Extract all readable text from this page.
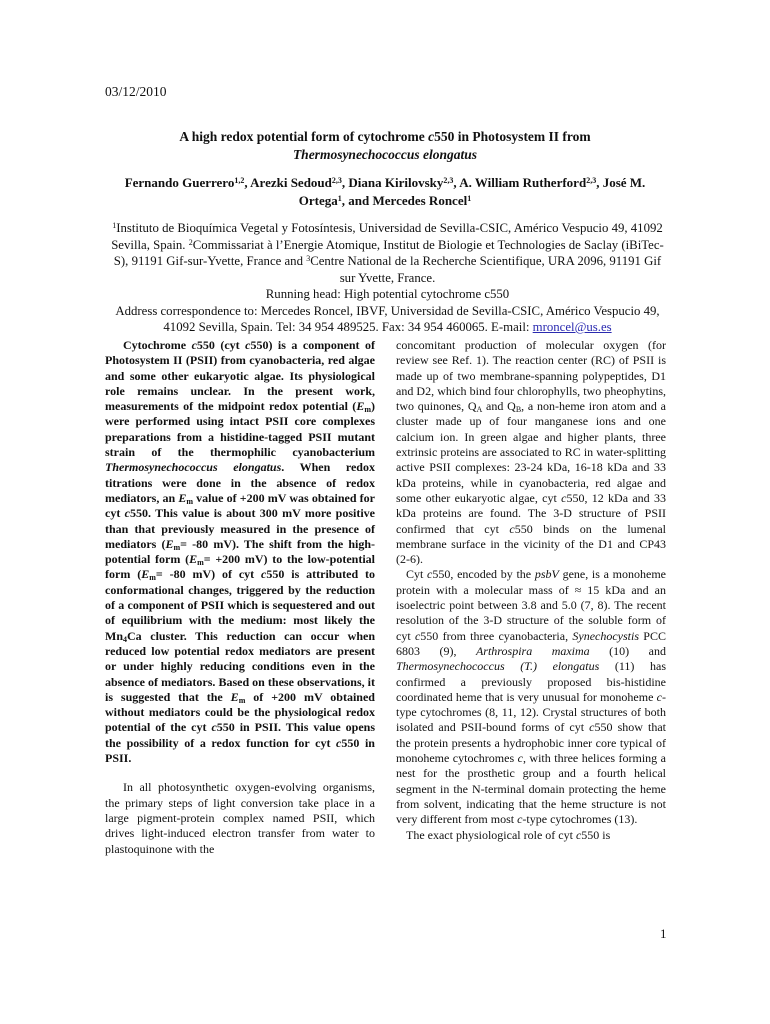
03/12/2010
A high redox potential form of cytochrome c550 in Photosystem II from
Thermosynechococcus elongatus
Fernando Guerrero$^{1,2}$, Arezki Sedoud$^{2,3}$, Diana Kirilovsky$^{2,3}$, A. William Rutherford$^{2,3}$, José M. Ortega$^1$, and Mercedes Roncel$^1$
$^1$Instituto de Bioquímica Vegetal y Fotosíntesis, Universidad de Sevilla-CSIC, Américo Vespucio 49, 41092 Sevilla, Spain. $^2$Commissariat à l’Energie Atomique, Institut de Biologie et Technologies de Saclay (iBiTec-S), 91191 Gif-sur-Yvette, France and $^3$Centre National de la Recherche Scientifique, URA 2096, 91191 Gif sur Yvette, France.
Running head: High potential cytochrome c550
Address correspondence to: Mercedes Roncel, IBVF, Universidad de Sevilla-CSIC, Américo Vespucio 49, 41092 Sevilla, Spain. Tel: 34 954 489525. Fax: 34 954 460065. E-mail: mroncel@us.es

Cytochrome c550 (cyt c550) is a component of Photosystem II (PSII) from cyanobacteria, red algae and some other eukaryotic algae. Its physiological role remains unclear. In the present work, measurements of the midpoint redox potential $(E_m)$ were performed using intact PSII core complexes preparations from a histidine-tagged PSII mutant strain of the thermophilic cyanobacterium Thermosynechococcus elongatus. When redox titrations were done in the absence of redox mediators, an $E_m$ value of +200 mV was obtained for cyt c550. This value is about 300 mV more positive than that previously measured in the presence of mediators ($E_m= -80$ mV). The shift from the high-potential form ($E_m= +200$ mV) to the low-potential form ($E_m= -80$ mV) of cyt c550 is attributed to conformational changes, triggered by the reduction of a component of PSII which is sequestered and out of equilibrium with the medium: most likely the $Mn_4Ca$ cluster. This reduction can occur when reduced low potential redox mediators are present or under highly reducing conditions even in the absence of mediators. Based on these observations, it is suggested that the $E_m$ of +200 mV obtained without mediators could be the physiological redox potential of the cyt c550 in PSII. This value opens the possibility of a redox function for cyt c550 in PSII.

In all photosynthetic oxygen-evolving organisms, the primary steps of light conversion take place in a large pigment-protein complex named PSII, which drives light-induced electron transfer from water to plastoquinone with the

concomitant production of molecular oxygen (for review see Ref. 1). The reaction center (RC) of PSII is made up of two membrane-spanning polypeptides, D1 and D2, which bind four chlorophylls, two pheophytins, two quinones, $Q_A$ and $Q_B$, a non-heme iron atom and a cluster made up of four manganese ions and one calcium ion. In green algae and higher plants, three extrinsic proteins are associated to RC in water-splitting active PSII complexes: 23-24 kDa, 16-18 kDa and 33 kDa proteins, while in cyanobacteria, red algae and some other eukaryotic algae, cyt c550, 12 kDa and 33 kDa proteins are found. The 3-D structure of PSII confirmed that cyt c550 binds on the lumenal membrane surface in the vicinity of the D1 and CP43 (2-6).

Cyt c550, encoded by the psbV gene, is a monoheme protein with a molecular mass of ≈ 15 kDa and an isoelectric point between 3.8 and 5.0 (7, 8). The recent resolution of the 3-D structure of the soluble form of cyt c550 from three cyanobacteria, Synechocystis PCC 6803 (9), Arthrospira maxima (10) and Thermosynechococcus (T.) elongatus (11) has confirmed a previously proposed bis-histidine coordinated heme that is very unusual for monoheme c-type cytochromes (8, 11, 12). Crystal structures of both isolated and PSII-bound forms of cyt c550 show that the protein presents a hydrophobic inner core typical of monoheme cytochromes c, with three helices forming a nest for the prosthetic group and a fourth helical segment in the N-terminal domain protecting the heme from solvent, indicating that the heme structure is not very different from most c-type cytochromes (13).

The exact physiological role of cyt c550 is

1
